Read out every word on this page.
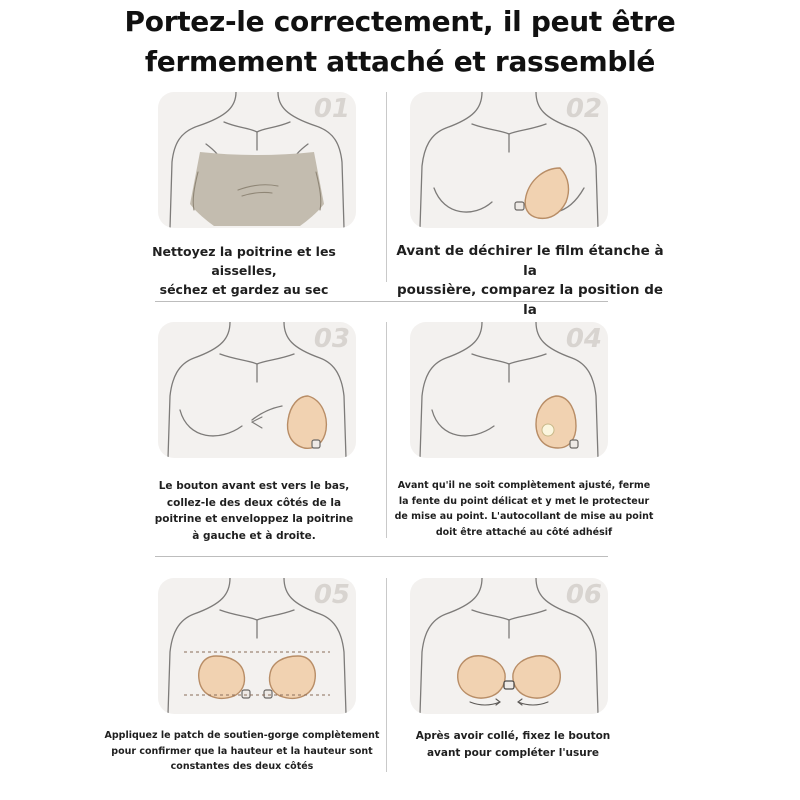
Portez-le correctement, il peut être
fermement attaché et rassemblé
01
Nettoyez la poitrine et les aisselles,
séchez et gardez au sec
02
Avant de déchirer le film étanche à la
poussière, comparez la position de la
03
Le bouton avant est vers le bas,
collez-le des deux côtés de la
poitrine et enveloppez la poitrine
à gauche et à droite.
04
Avant qu'il ne soit complètement ajusté, ferme
la fente du point délicat et y met le protecteur
de mise au point. L'autocollant de mise au point
doit être attaché au côté adhésif
05
Appliquez le patch de soutien-gorge complètement
pour confirmer que la hauteur et la hauteur sont
constantes des deux côtés
06
Après avoir collé, fixez le bouton
avant pour compléter l'usure
